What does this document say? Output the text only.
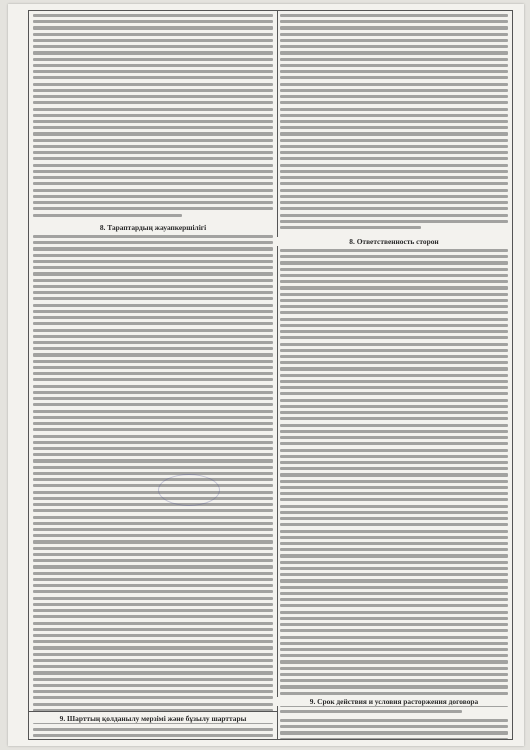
8. Тараптардың жауапкершілігі
9. Шарттың қолданылу мерзімі және бұзылу шарттары
8. Ответственность сторон
9. Срок действия и условия расторжения договора
